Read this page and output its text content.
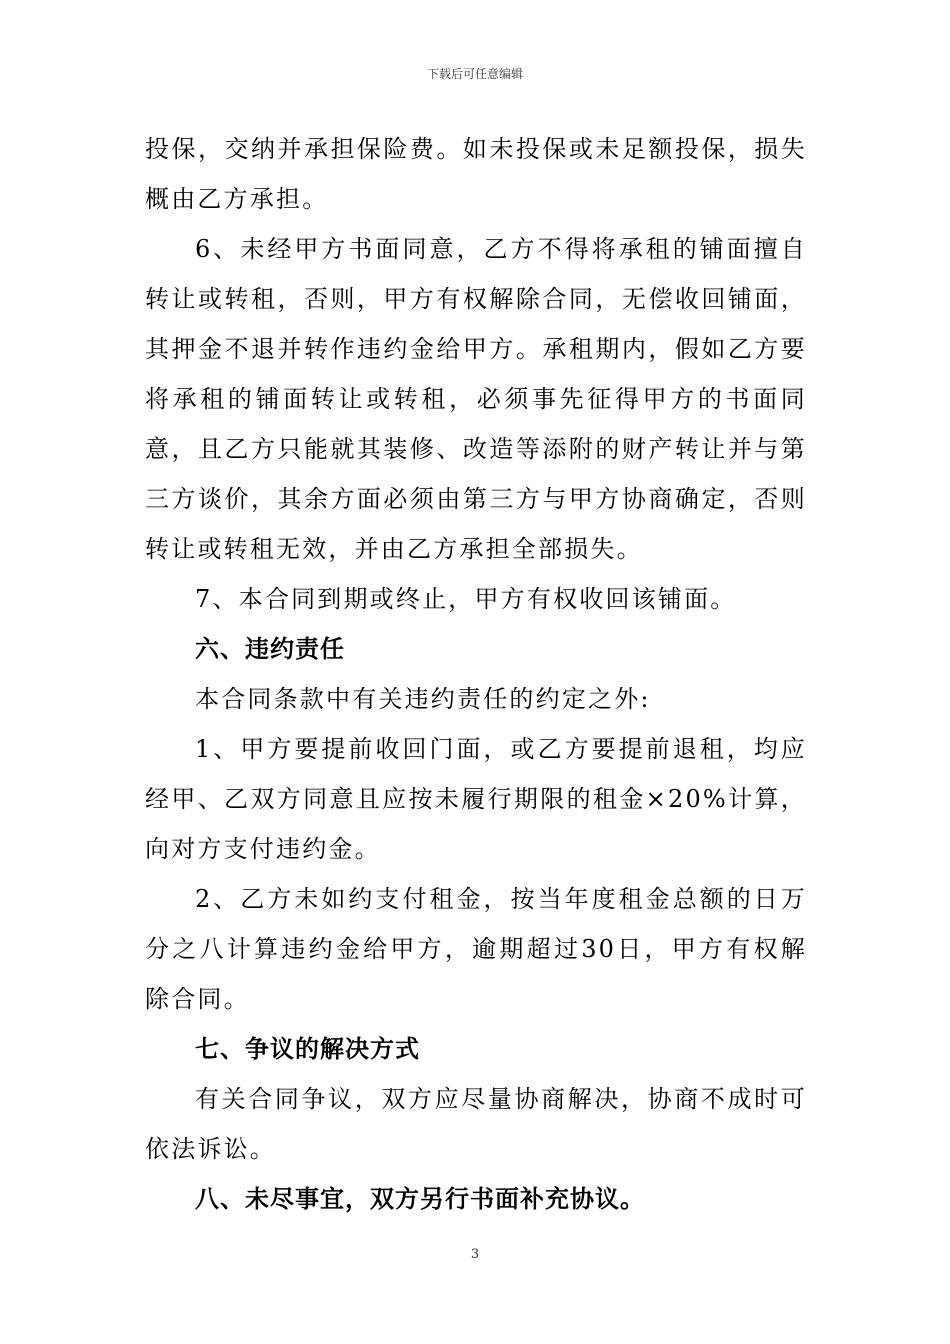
下载后可任意编辑

投保，交纳并承担保险费。如未投保或未足额投保，损失概由乙方承担。

6、未经甲方书面同意，乙方不得将承租的铺面擅自转让或转租，否则，甲方有权解除合同，无偿收回铺面，其押金不退并转作违约金给甲方。承租期内，假如乙方要将承租的铺面转让或转租，必须事先征得甲方的书面同意，且乙方只能就其装修、改造等添附的财产转让并与第三方谈价，其余方面必须由第三方与甲方协商确定，否则转让或转租无效，并由乙方承担全部损失。

7、本合同到期或终止，甲方有权收回该铺面。

六、违约责任

本合同条款中有关违约责任的约定之外:

1、甲方要提前收回门面，或乙方要提前退租，均应经甲、乙双方同意且应按未履行期限的租金×20%计算，向对方支付违约金。

2、乙方未如约支付租金，按当年度租金总额的日万分之八计算违约金给甲方，逾期超过30日，甲方有权解除合同。

七、争议的解决方式

有关合同争议，双方应尽量协商解决，协商不成时可依法诉讼。

八、未尽事宜，双方另行书面补充协议。

3
